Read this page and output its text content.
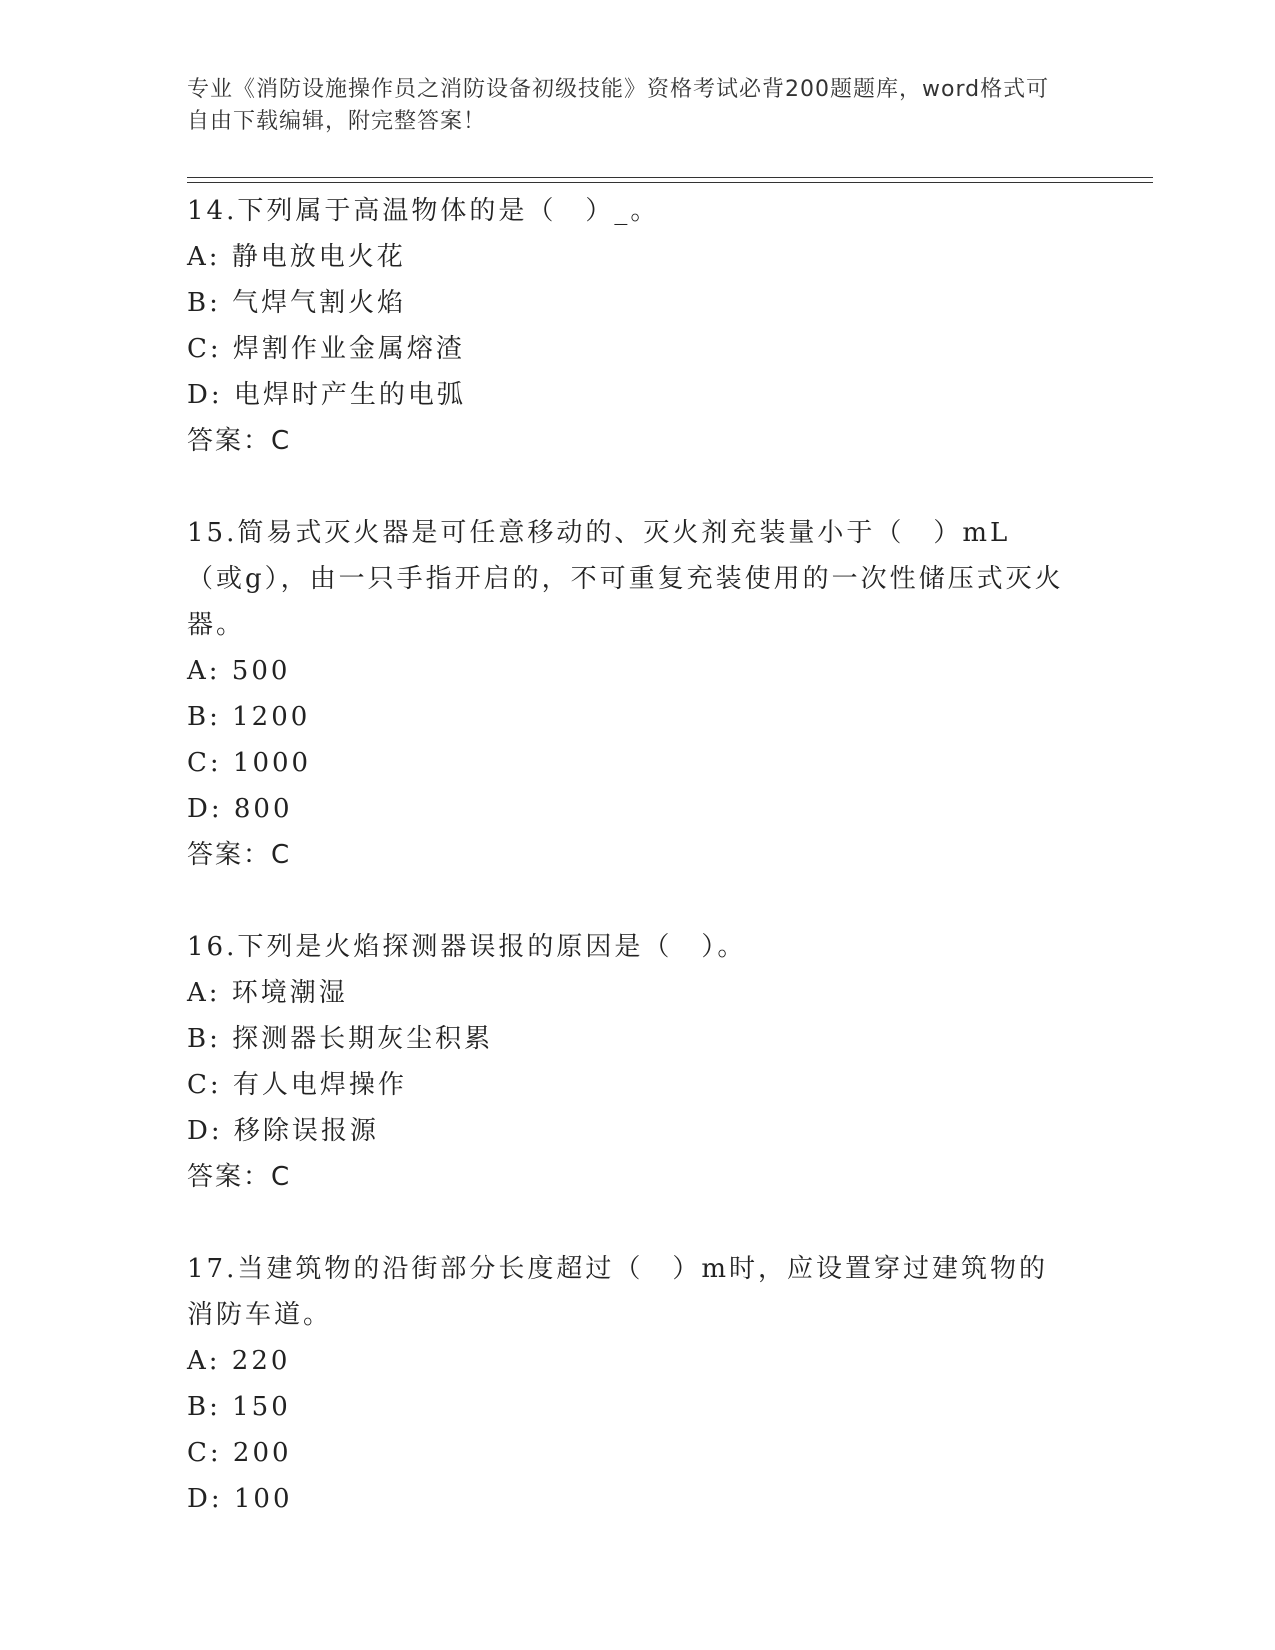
专业《消防设施操作员之消防设备初级技能》资格考试必背200题题库，word格式可自由下载编辑，附完整答案！
14.下列属于高温物体的是（　）_。
A: 静电放电火花
B: 气焊气割火焰
C: 焊割作业金属熔渣
D: 电焊时产生的电弧
答案：C
15.简易式灭火器是可任意移动的、灭火剂充装量小于（　）mL（或g），由一只手指开启的，不可重复充装使用的一次性储压式灭火器。
A: 500
B: 1200
C: 1000
D: 800
答案：C
16.下列是火焰探测器误报的原因是（　）。
A: 环境潮湿
B: 探测器长期灰尘积累
C: 有人电焊操作
D: 移除误报源
答案：C
17.当建筑物的沿街部分长度超过（　）m时，应设置穿过建筑物的消防车道。
A: 220
B: 150
C: 200
D: 100
